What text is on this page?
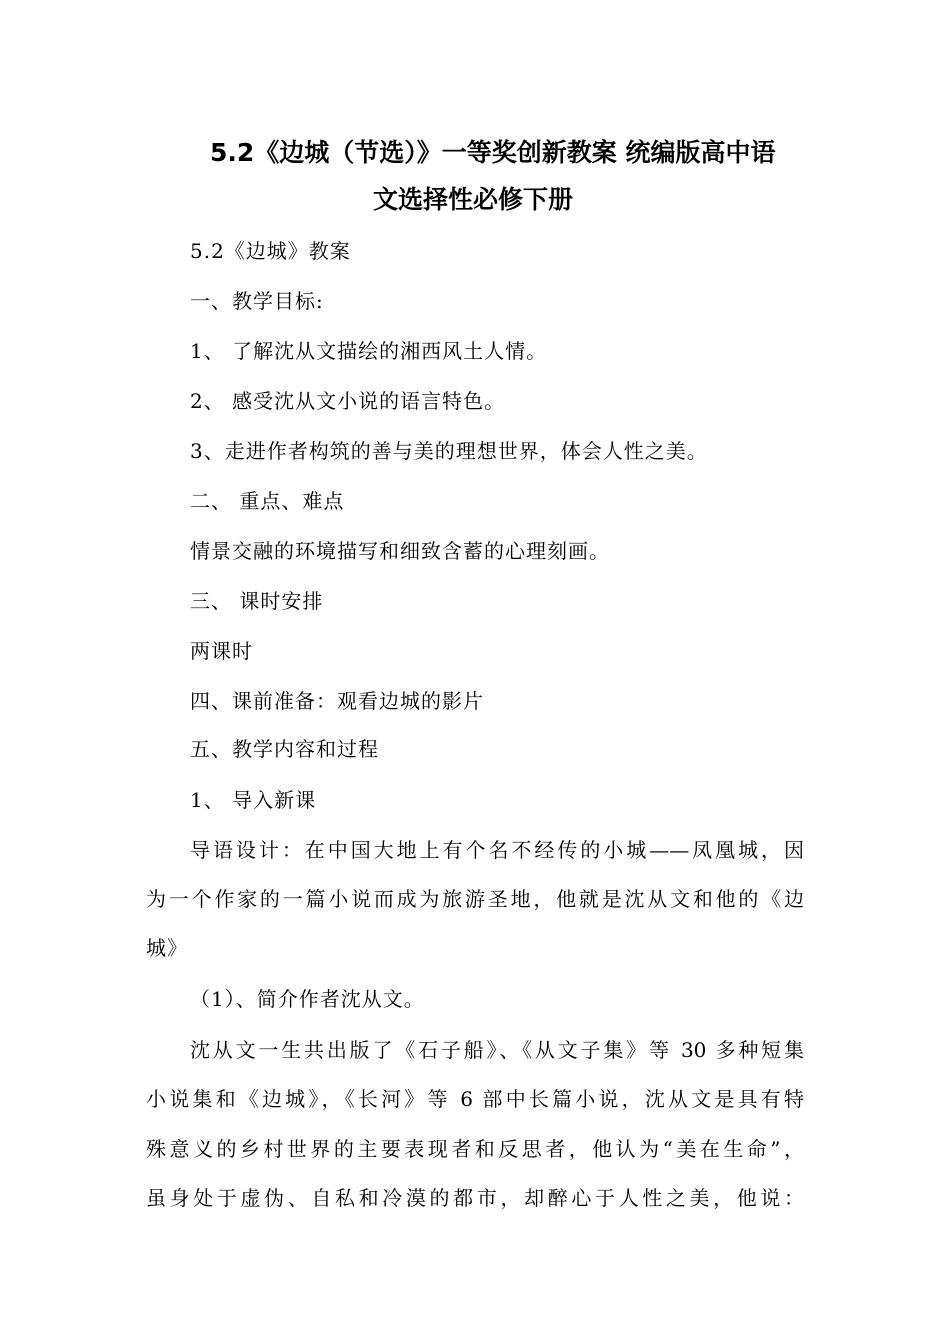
5.2《边城（节选）》一等奖创新教案 统编版高中语
文选择性必修下册
5.2《边城》教案
一、教学目标:
1、 了解沈从文描绘的湘西风土人情。
2、 感受沈从文小说的语言特色。
3、走进作者构筑的善与美的理想世界，体会人性之美。
二、 重点、难点
情景交融的环境描写和细致含蓄的心理刻画。
三、 课时安排
两课时
四、课前准备：观看边城的影片
五、教学内容和过程
1、 导入新课
导语设计：在中国大地上有个名不经传的小城——凤凰城，因
为一个作家的一篇小说而成为旅游圣地，他就是沈从文和他的《边
城》
（1）、简介作者沈从文。
沈从文一生共出版了《石子船》、《从文子集》等 30 多种短集
小说集和《边城》，《长河》等 6 部中长篇小说，沈从文是具有特
殊意义的乡村世界的主要表现者和反思者，他认为“美在生命”，
虽身处于虚伪、自私和冷漠的都市，却醉心于人性之美，他说：
